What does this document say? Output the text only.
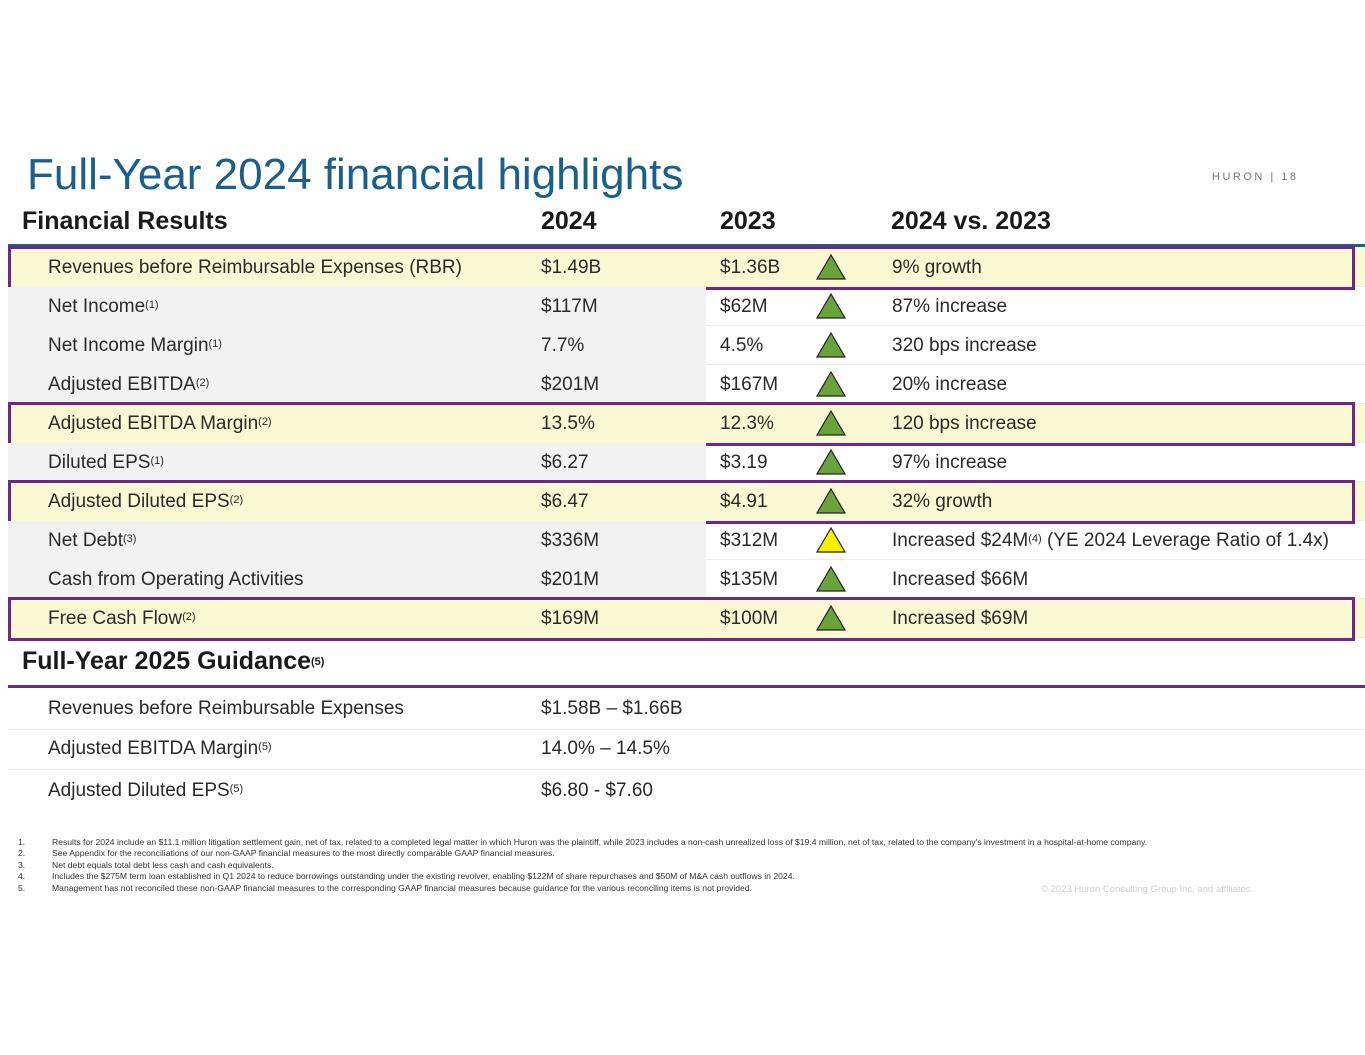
Full-Year 2024 financial highlights	HURON | 18
Financial Results	2024	2023	2024 vs. 2023
Revenues before Reimbursable Expenses (RBR)	$1.49B	$1.36B	9% growth
Net Income$^{(1)}$	$117M	$62M	87% increase
Net Income Margin$^{(1)}$	7.7%	4.5%	320 bps increase
Adjusted EBITDA$^{(2)}$	$201M	$167M	20% increase
Adjusted EBITDA Margin$^{(2)}$	13.5%	12.3%	120 bps increase
Diluted EPS$^{(1)}$	$6.27	$3.19	97% increase
Adjusted Diluted EPS$^{(2)}$	$6.47	$4.91	32% growth
Net Debt$^{(3)}$	$336M	$312M	Increased $\$24M^{(4)}$ (YE 2024 Leverage Ratio of 1.4x)
Cash from Operating Activities	$201M	$135M	Increased $66M
Free Cash Flow$^{(2)}$	$169M	$100M	Increased $69M
Full-Year 2025 Guidance$^{(5)}$
Revenues before Reimbursable Expenses	$1.58B – $1.66B
Adjusted EBITDA Margin$^{(5)}$	14.0% – 14.5%
Adjusted Diluted EPS$^{(5)}$	$6.80 - $7.60
1.	Results for 2024 include an $11.1 million litigation settlement gain, net of tax, related to a completed legal matter in which Huron was the plaintiff, while 2023 includes a non-cash unrealized loss of $19.4 million, net of tax, related to the company's investment in a hospital-at-home company.
2.	See Appendix for the reconciliations of our non-GAAP financial measures to the most directly comparable GAAP financial measures.
3.	Net debt equals total debt less cash and cash equivalents.
4.	Includes the $275M term loan established in Q1 2024 to reduce borrowings outstanding under the existing revolver, enabling $122M of share repurchases and $50M of M&A cash outflows in 2024.
5.	Management has not reconciled these non-GAAP financial measures to the corresponding GAAP financial measures because guidance for the various reconciling items is not provided.	© 2023 Huron Consulting Group Inc. and affiliates.
